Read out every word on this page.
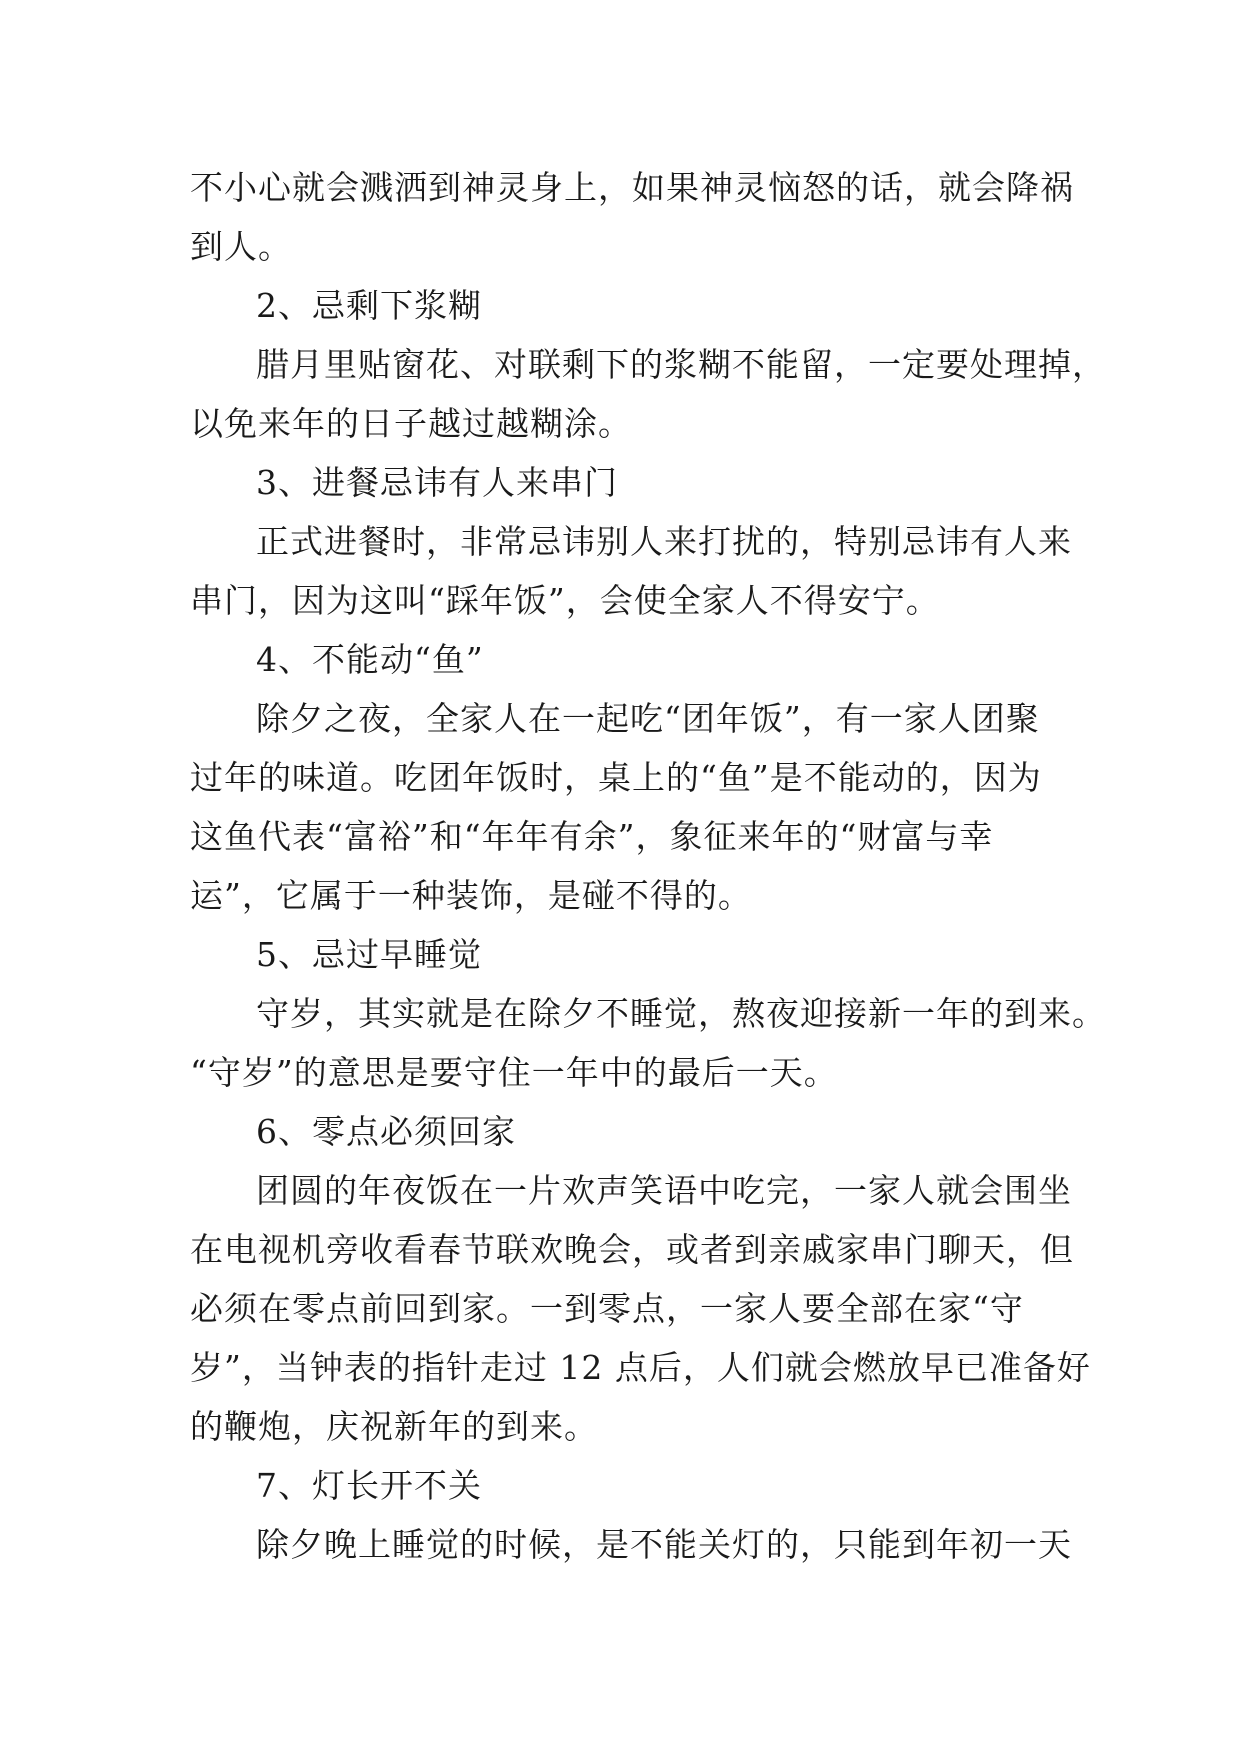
不小心就会溅洒到神灵身上，如果神灵恼怒的话，就会降祸
到人。
2、忌剩下浆糊
腊月里贴窗花、对联剩下的浆糊不能留，一定要处理掉，
以免来年的日子越过越糊涂。
3、进餐忌讳有人来串门
正式进餐时，非常忌讳别人来打扰的，特别忌讳有人来
串门，因为这叫“踩年饭”，会使全家人不得安宁。
4、不能动“鱼”
除夕之夜，全家人在一起吃“团年饭”，有一家人团聚
过年的味道。吃团年饭时，桌上的“鱼”是不能动的，因为
这鱼代表“富裕”和“年年有余”，象征来年的“财富与幸
运”，它属于一种装饰，是碰不得的。
5、忌过早睡觉
守岁，其实就是在除夕不睡觉，熬夜迎接新一年的到来。
“守岁”的意思是要守住一年中的最后一天。
6、零点必须回家
团圆的年夜饭在一片欢声笑语中吃完，一家人就会围坐
在电视机旁收看春节联欢晚会，或者到亲戚家串门聊天，但
必须在零点前回到家。一到零点，一家人要全部在家“守
岁”，当钟表的指针走过 12 点后，人们就会燃放早已准备好
的鞭炮，庆祝新年的到来。
7、灯长开不关
除夕晚上睡觉的时候，是不能关灯的，只能到年初一天
